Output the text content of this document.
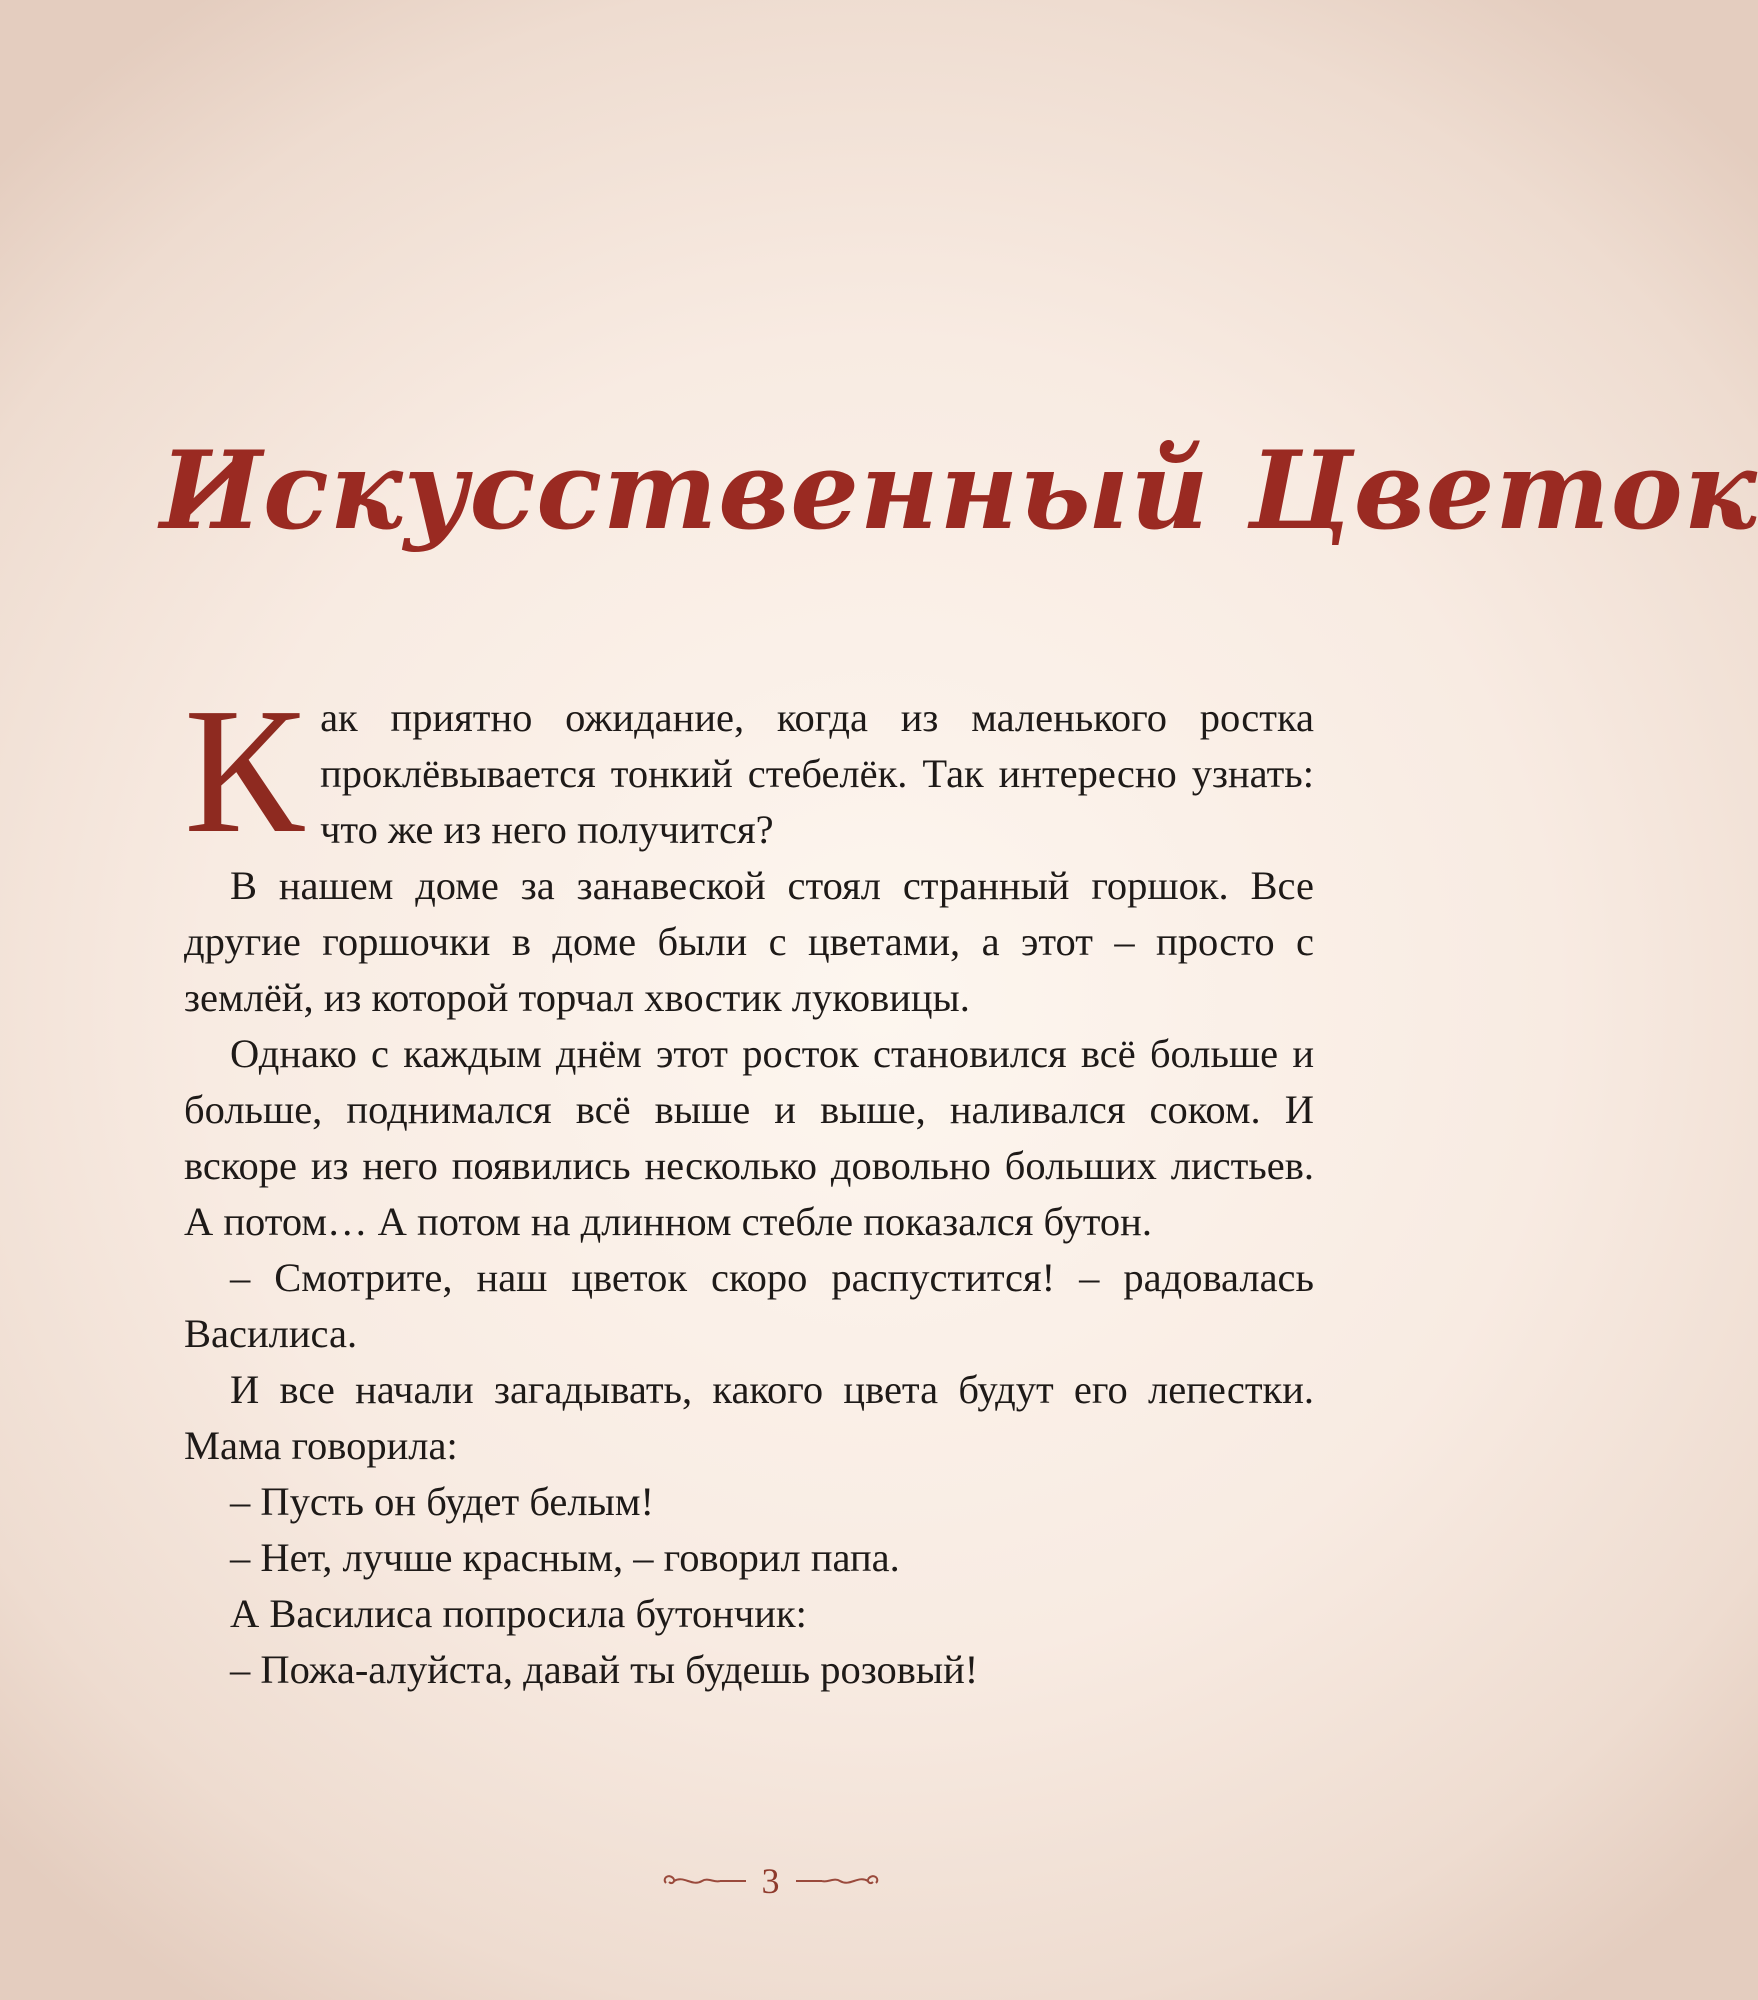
Искусственный Цветок

Как приятно ожидание, когда из маленького ростка проклёвывается тонкий стебелёк. Так интересно узнать: что же из него получится?

В нашем доме за занавеской стоял странный горшок. Все другие горшочки в доме были с цветами, а этот – просто с землёй, из которой торчал хвостик луковицы.

Однако с каждым днём этот росток становился всё больше и больше, поднимался всё выше и выше, наливался соком. И вскоре из него появились несколько довольно больших листьев. А потом… А потом на длинном стебле показался бутон.

– Смотрите, наш цветок скоро распустится! – радовалась Василиса.

И все начали загадывать, какого цвета будут его лепестки. Мама говорила:

– Пусть он будет белым!

– Нет, лучше красным, – говорил папа.

А Василиса попросила бутончик:

– Пожа-алуйста, давай ты будешь розовый!

3
